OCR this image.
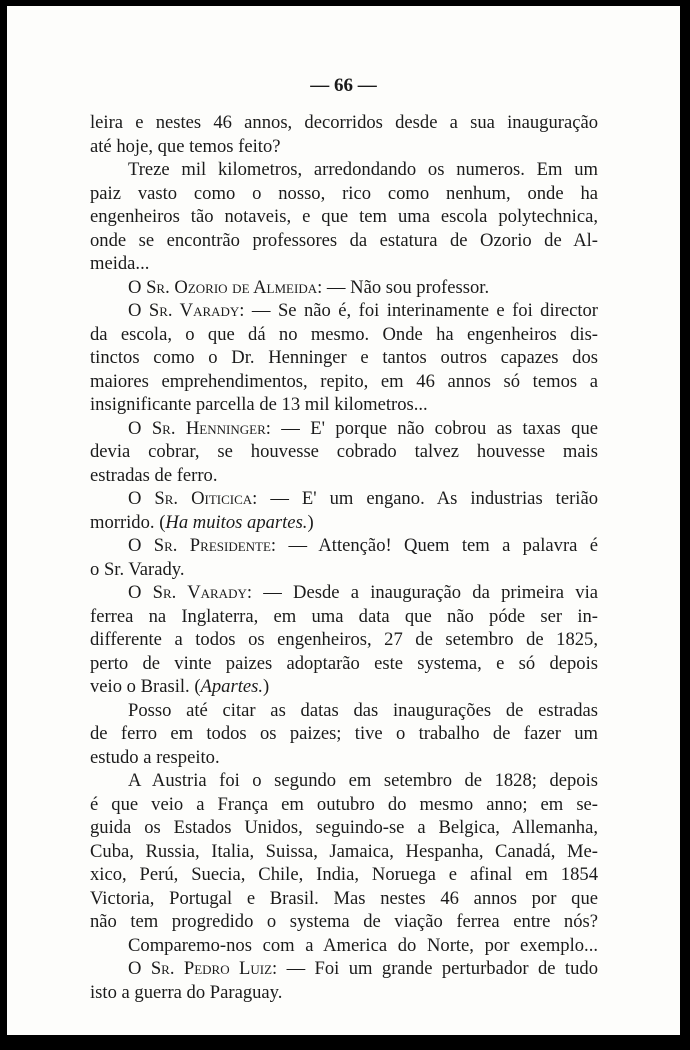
— 66 —
leira e nestes 46 annos, decorridos desde a sua inauguração
até hoje, que temos feito?
Treze mil kilometros, arredondando os numeros. Em um
paiz vasto como o nosso, rico como nenhum, onde ha
engenheiros tão notaveis, e que tem uma escola polytechnica,
onde se encontrão professores da estatura de Ozorio de Al-
meida...
O Sr. Ozorio de Almeida: — Não sou professor.
O Sr. Varady: — Se não é, foi interinamente e foi director
da escola, o que dá no mesmo. Onde ha engenheiros dis-
tinctos como o Dr. Henninger e tantos outros capazes dos
maiores emprehendimentos, repito, em 46 annos só temos a
insignificante parcella de 13 mil kilometros...
O Sr. Henninger: — E' porque não cobrou as taxas que
devia cobrar, se houvesse cobrado talvez houvesse mais
estradas de ferro.
O Sr. Oiticica: — E' um engano. As industrias terião
morrido. (Ha muitos apartes.)
O Sr. Presidente: — Attenção! Quem tem a palavra é
o Sr. Varady.
O Sr. Varady: — Desde a inauguração da primeira via
ferrea na Inglaterra, em uma data que não póde ser in-
differente a todos os engenheiros, 27 de setembro de 1825,
perto de vinte paizes adoptarão este systema, e só depois
veio o Brasil. (Apartes.)
Posso até citar as datas das inaugurações de estradas
de ferro em todos os paizes; tive o trabalho de fazer um
estudo a respeito.
A Austria foi o segundo em setembro de 1828; depois
é que veio a França em outubro do mesmo anno; em se-
guida os Estados Unidos, seguindo-se a Belgica, Allemanha,
Cuba, Russia, Italia, Suissa, Jamaica, Hespanha, Canadá, Me-
xico, Perú, Suecia, Chile, India, Noruega e afinal em 1854
Victoria, Portugal e Brasil. Mas nestes 46 annos por que
não tem progredido o systema de viação ferrea entre nós?
Comparemo-nos com a America do Norte, por exemplo...
O Sr. Pedro Luiz: — Foi um grande perturbador de tudo
isto a guerra do Paraguay.
